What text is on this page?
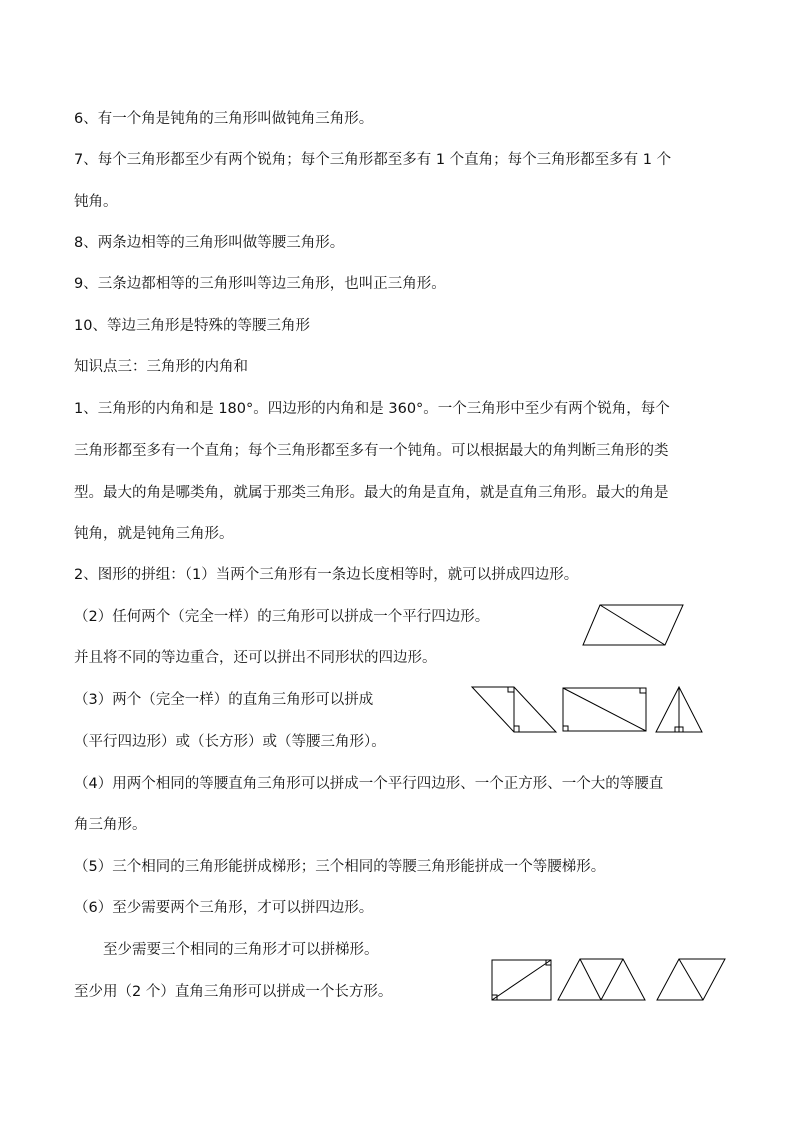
6、有一个角是钝角的三角形叫做钝角三角形。
7、每个三角形都至少有两个锐角；每个三角形都至多有 1 个直角；每个三角形都至多有 1 个
钝角。
8、两条边相等的三角形叫做等腰三角形。
9、三条边都相等的三角形叫等边三角形，也叫正三角形。
10、等边三角形是特殊的等腰三角形
知识点三：三角形的内角和
1、三角形的内角和是 180°。四边形的内角和是 360°。一个三角形中至少有两个锐角，每个
三角形都至多有一个直角；每个三角形都至多有一个钝角。可以根据最大的角判断三角形的类
型。最大的角是哪类角，就属于那类三角形。最大的角是直角，就是直角三角形。最大的角是
钝角，就是钝角三角形。
2、图形的拼组：（1）当两个三角形有一条边长度相等时，就可以拼成四边形。
（2）任何两个（完全一样）的三角形可以拼成一个平行四边形。
并且将不同的等边重合，还可以拼出不同形状的四边形。
（3）两个（完全一样）的直角三角形可以拼成
（平行四边形）或（长方形）或（等腰三角形）。
（4）用两个相同的等腰直角三角形可以拼成一个平行四边形、一个正方形、一个大的等腰直
角三角形。
（5）三个相同的三角形能拼成梯形；三个相同的等腰三角形能拼成一个等腰梯形。
（6）至少需要两个三角形，才可以拼四边形。
至少需要三个相同的三角形才可以拼梯形。
至少用（2 个）直角三角形可以拼成一个长方形。
